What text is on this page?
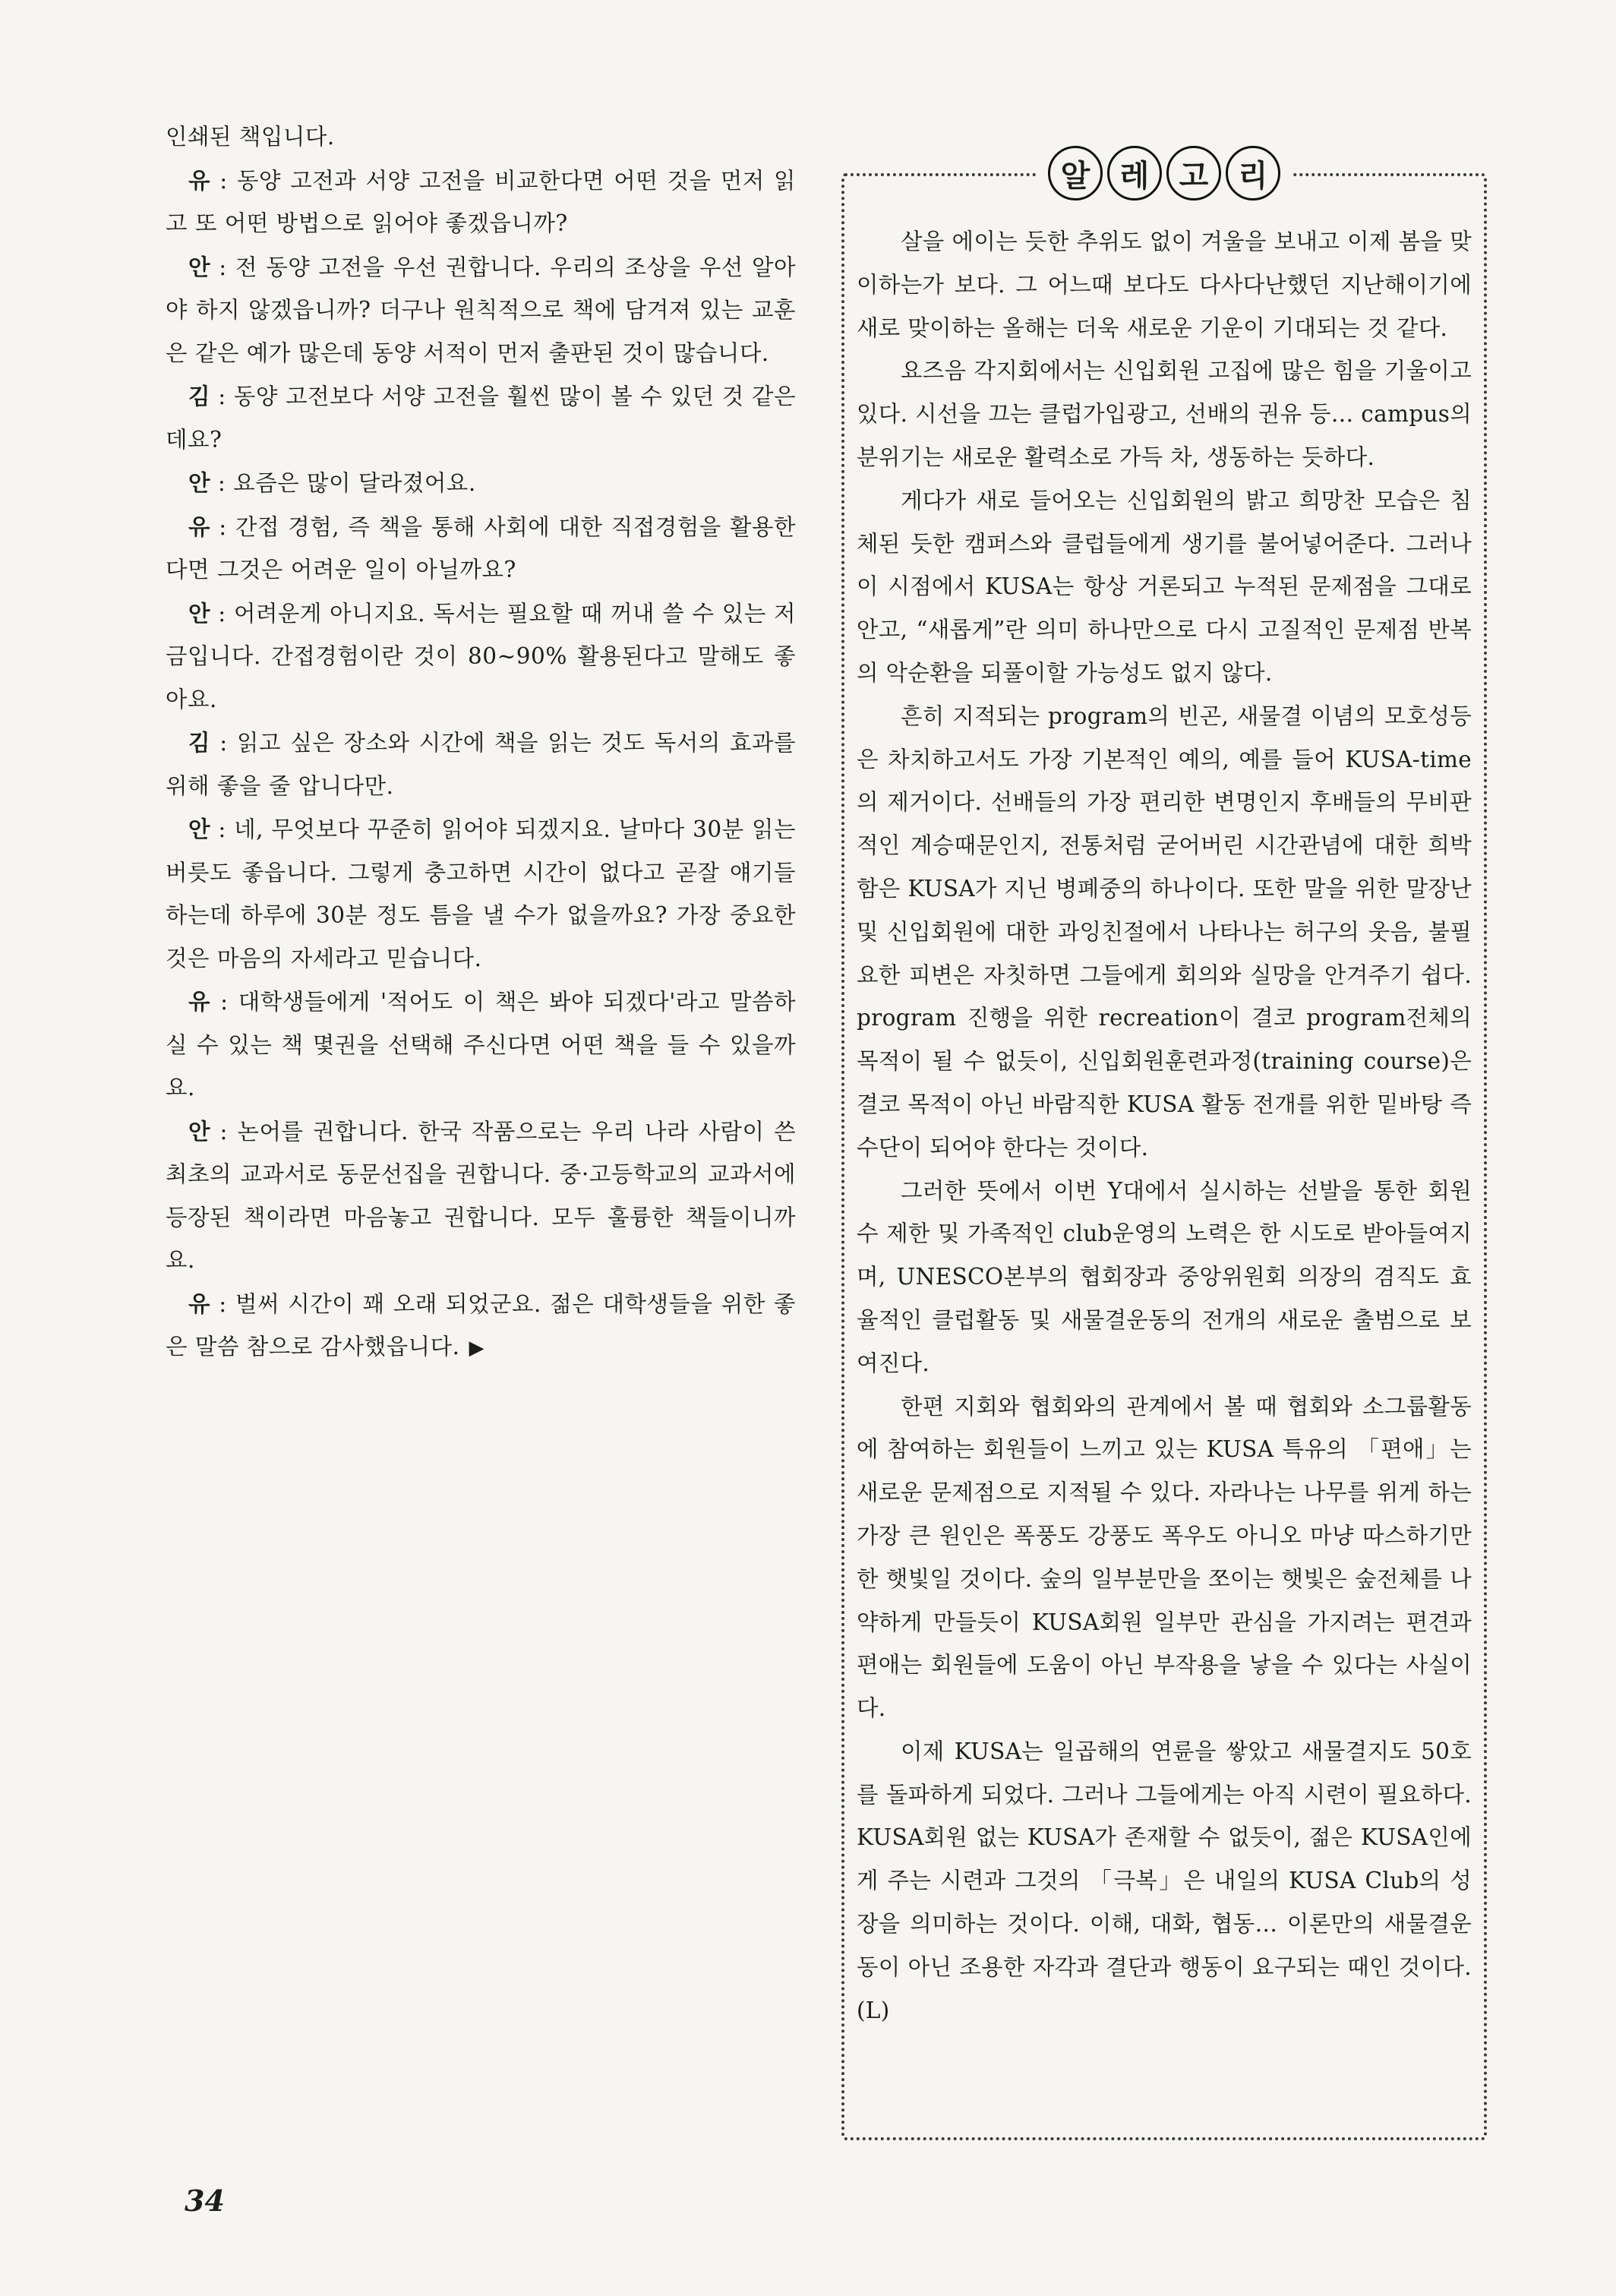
인쇄된 책입니다.

유 : 동양 고전과 서양 고전을 비교한다면 어떤 것을 먼저 읽고 또 어떤 방법으로 읽어야 좋겠읍니까?

안 : 전 동양 고전을 우선 권합니다. 우리의 조상을 우선 알아야 하지 않겠읍니까? 더구나 원칙적으로 책에 담겨져 있는 교훈은 같은 예가 많은데 동양 서적이 먼저 출판된 것이 많습니다.

김 : 동양 고전보다 서양 고전을 훨씬 많이 볼 수 있던 것 같은데요?

안 : 요즘은 많이 달라졌어요.

유 : 간접 경험, 즉 책을 통해 사회에 대한 직접경험을 활용한다면 그것은 어려운 일이 아닐까요?

안 : 어려운게 아니지요. 독서는 필요할 때 꺼내 쓸 수 있는 저금입니다. 간접경험이란 것이 80~90% 활용된다고 말해도 좋아요.

김 : 읽고 싶은 장소와 시간에 책을 읽는 것도 독서의 효과를 위해 좋을 줄 압니다만.

안 : 네, 무엇보다 꾸준히 읽어야 되겠지요. 날마다 30분 읽는 버릇도 좋읍니다. 그렇게 충고하면 시간이 없다고 곧잘 얘기들 하는데 하루에 30분 정도 틈을 낼 수가 없을까요? 가장 중요한 것은 마음의 자세라고 믿습니다.

유 : 대학생들에게 '적어도 이 책은 봐야 되겠다'라고 말씀하실 수 있는 책 몇권을 선택해 주신다면 어떤 책을 들 수 있을까요.

안 : 논어를 권합니다. 한국 작품으로는 우리 나라 사람이 쓴 최초의 교과서로 동문선집을 권합니다. 중·고등학교의 교과서에 등장된 책이라면 마음놓고 권합니다. 모두 훌륭한 책들이니까요.

유 : 벌써 시간이 꽤 오래 되었군요. 젊은 대학생들을 위한 좋은 말씀 참으로 감사했읍니다. ▶

알 레 고 리

살을 에이는 듯한 추위도 없이 겨울을 보내고 이제 봄을 맞이하는가 보다. 그 어느때 보다도 다사다난했던 지난해이기에 새로 맞이하는 올해는 더욱 새로운 기운이 기대되는 것 같다.

요즈음 각지회에서는 신입회원 고집에 많은 힘을 기울이고 있다. 시선을 끄는 클럽가입광고, 선배의 권유 등… campus의 분위기는 새로운 활력소로 가득 차, 생동하는 듯하다.

게다가 새로 들어오는 신입회원의 밝고 희망찬 모습은 침체된 듯한 캠퍼스와 클럽들에게 생기를 불어넣어준다. 그러나 이 시점에서 KUSA는 항상 거론되고 누적된 문제점을 그대로 안고, “새롭게”란 의미 하나만으로 다시 고질적인 문제점 반복의 악순환을 되풀이할 가능성도 없지 않다.

흔히 지적되는 program의 빈곤, 새물결 이념의 모호성등은 차치하고서도 가장 기본적인 예의, 예를 들어 KUSA-time의 제거이다. 선배들의 가장 편리한 변명인지 후배들의 무비판적인 계승때문인지, 전통처럼 굳어버린 시간관념에 대한 희박함은 KUSA가 지닌 병폐중의 하나이다. 또한 말을 위한 말장난 및 신입회원에 대한 과잉친절에서 나타나는 허구의 웃음, 불필요한 피변은 자칫하면 그들에게 회의와 실망을 안겨주기 쉽다. program 진행을 위한 recreation이 결코 program전체의 목적이 될 수 없듯이, 신입회원훈련과정(training course)은 결코 목적이 아닌 바람직한 KUSA 활동 전개를 위한 밑바탕 즉 수단이 되어야 한다는 것이다.

그러한 뜻에서 이번 Y대에서 실시하는 선발을 통한 회원 수 제한 및 가족적인 club운영의 노력은 한 시도로 받아들여지며, UNESCO본부의 협회장과 중앙위원회 의장의 겸직도 효율적인 클럽활동 및 새물결운동의 전개의 새로운 출범으로 보여진다.

한편 지회와 협회와의 관계에서 볼 때 협회와 소그룹활동에 참여하는 회원들이 느끼고 있는 KUSA 특유의 「편애」는 새로운 문제점으로 지적될 수 있다. 자라나는 나무를 위게 하는 가장 큰 원인은 폭풍도 강풍도 폭우도 아니오 마냥 따스하기만 한 햇빛일 것이다. 숲의 일부분만을 쪼이는 햇빛은 숲전체를 나약하게 만들듯이 KUSA회원 일부만 관심을 가지려는 편견과 편애는 회원들에 도움이 아닌 부작용을 낳을 수 있다는 사실이다.

이제 KUSA는 일곱해의 연륜을 쌓았고 새물결지도 50호를 돌파하게 되었다. 그러나 그들에게는 아직 시련이 필요하다. KUSA회원 없는 KUSA가 존재할 수 없듯이, 젊은 KUSA인에게 주는 시련과 그것의 「극복」은 내일의 KUSA Club의 성장을 의미하는 것이다. 이해, 대화, 협동… 이론만의 새물결운동이 아닌 조용한 자각과 결단과 행동이 요구되는 때인 것이다. (L)

34
